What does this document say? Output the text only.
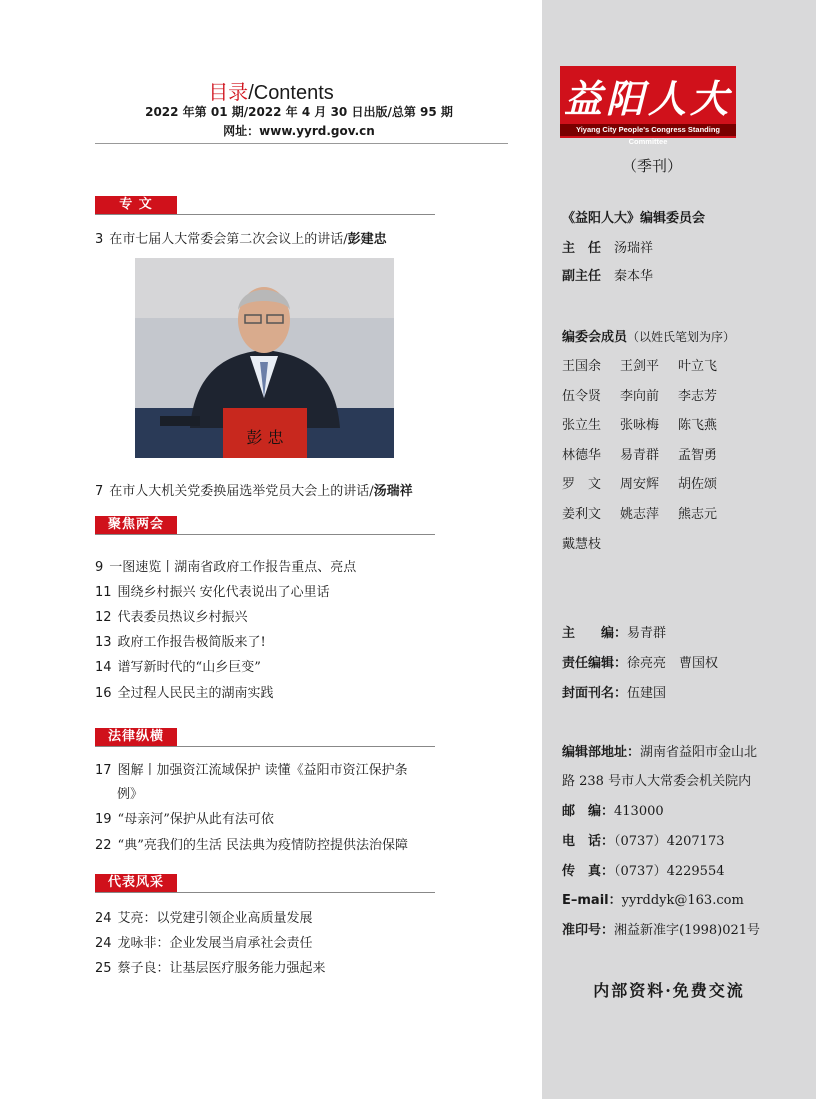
目录/Contents
2022 年第 01 期/2022 年 4 月 30 日出版/总第 95 期
网址：www.yyrd.gov.cn
专 文
3 在市七届人大常委会第二次会议上的讲话/彭建忠
彭 忠
7 在市人大机关党委换届选举党员大会上的讲话/汤瑞祥
聚焦两会
9 一图速览丨湖南省政府工作报告重点、亮点
11 围绕乡村振兴 安化代表说出了心里话
12 代表委员热议乡村振兴
13 政府工作报告极简版来了!
14 谱写新时代的“山乡巨变”
16 全过程人民民主的湖南实践
法律纵横
17 图解丨加强资江流域保护 读懂《益阳市资江保护条
例》
19 “母亲河”保护从此有法可依
22 “典”亮我们的生活 民法典为疫情防控提供法治保障
代表风采
24 艾亮：以党建引领企业高质量发展
24 龙咏非：企业发展当肩承社会责任
25 蔡子良：让基层医疗服务能力强起来
益阳人大
Yiyang City People's Congress Standing Committee
（季刊）
《益阳人大》编辑委员会
主　任　 汤瑞祥
副主任　 秦本华
编委会成员（以姓氏笔划为序）
王国余 王剑平 叶立飞
伍令贤 李向前 李志芳
张立生 张咏梅 陈飞燕
林德华 易青群 孟智勇
罗　文 周安辉 胡佐颂
姜利文 姚志萍 熊志元
戴慧枝
主　　编：易青群
责任编辑：徐亮亮　曹国权
封面刊名：伍建国
编辑部地址：湖南省益阳市金山北
路 238 号市人大常委会机关院内
邮　编：413000
电　话：（0737）4207173
传　真：（0737）4229554
E–mail：yyrddyk@163.com
准印号：湘益新准字(1998)021号
内部资料·免费交流
